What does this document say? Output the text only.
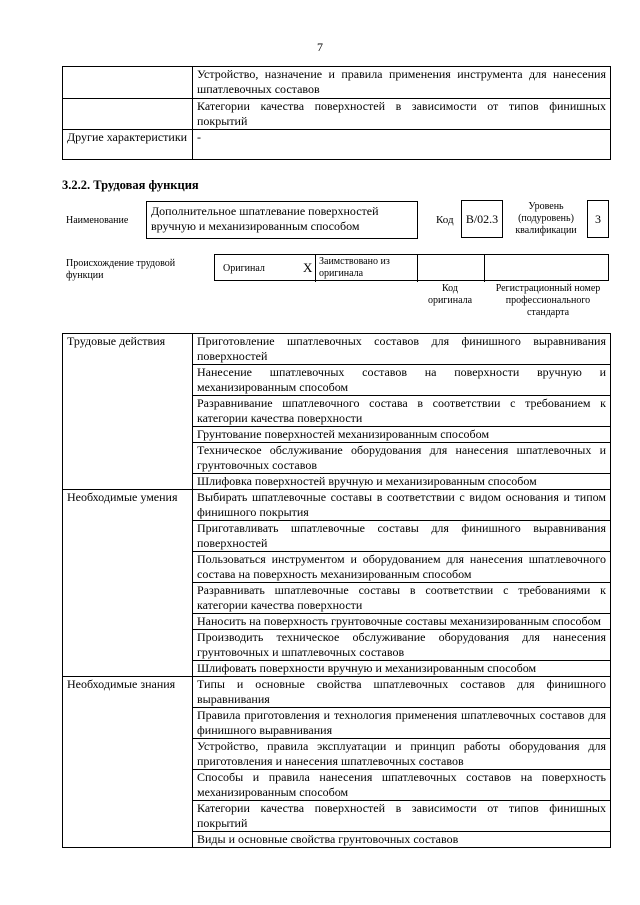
7
	Устройство, назначение и правила применения инструмента для нанесения шпатлевочных составов
	Категории качества поверхностей в зависимости от типов финишных покрытий
Другие характеристики	-
3.2.2. Трудовая функция
Наименование
Дополнительное шпатлевание поверхностей вручную и механизированным способом	Код	В/02.3
Уровень (подуровень) квалификации
3
Происхождение трудовой функции
Оригинал	X Заимствовано из оригинала
Код оригинала
Регистрационный номер профессионального стандарта
Трудовые действия	Приготовление шпатлевочных составов для финишного выравнивания поверхностей
	Нанесение шпатлевочных составов на поверхности вручную и механизированным способом
	Разравнивание шпатлевочного состава в соответствии с требованием к категории качества поверхности
	Грунтование поверхностей механизированным способом
	Техническое обслуживание оборудования для нанесения шпатлевочных и грунтовочных составов
	Шлифовка поверхностей вручную и механизированным способом
Необходимые умения	Выбирать шпатлевочные составы в соответствии с видом основания и типом финишного покрытия
	Приготавливать шпатлевочные составы для финишного выравнивания поверхностей
	Пользоваться инструментом и оборудованием для нанесения шпатлевочного состава на поверхность механизированным способом
	Разравнивать шпатлевочные составы в соответствии с требованиями к категории качества поверхности
	Наносить на поверхность грунтовочные составы механизированным способом
	Производить техническое обслуживание оборудования для нанесения грунтовочных и шпатлевочных составов
	Шлифовать поверхности вручную и механизированным способом
Необходимые знания	Типы и основные свойства шпатлевочных составов для финишного выравнивания
	Правила приготовления и технология применения шпатлевочных составов для финишного выравнивания
	Устройство, правила эксплуатации и принцип работы оборудования для приготовления и нанесения шпатлевочных составов
	Способы и правила нанесения шпатлевочных составов на поверхность механизированным способом
	Категории качества поверхностей в зависимости от типов финишных покрытий
	Виды и основные свойства грунтовочных составов
